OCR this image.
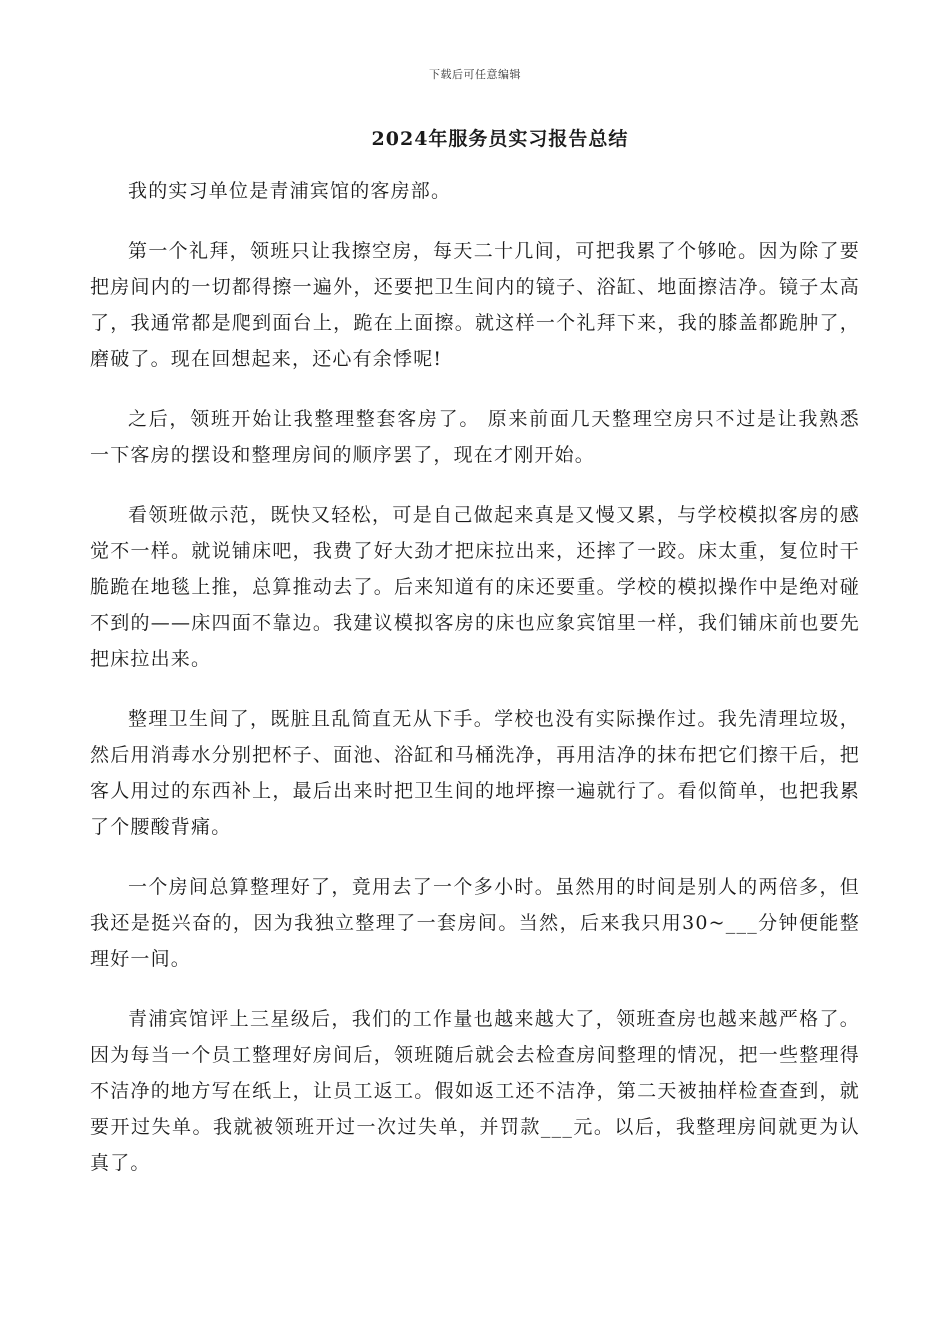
下载后可任意编辑
2024年服务员实习报告总结

我的实习单位是青浦宾馆的客房部。

第一个礼拜，领班只让我擦空房，每天二十几间，可把我累了个够呛。因为除了要把房间内的一切都得擦一遍外，还要把卫生间内的镜子、浴缸、地面擦洁净。镜子太高了，我通常都是爬到面台上，跪在上面擦。就这样一个礼拜下来，我的膝盖都跪肿了，磨破了。现在回想起来，还心有余悸呢!

之后，领班开始让我整理整套客房了。 原来前面几天整理空房只不过是让我熟悉一下客房的摆设和整理房间的顺序罢了，现在才刚开始。

看领班做示范，既快又轻松，可是自己做起来真是又慢又累，与学校模拟客房的感觉不一样。就说铺床吧，我费了好大劲才把床拉出来，还摔了一跤。床太重，复位时干脆跪在地毯上推，总算推动去了。后来知道有的床还要重。学校的模拟操作中是绝对碰不到的——床四面不靠边。我建议模拟客房的床也应象宾馆里一样，我们铺床前也要先把床拉出来。

整理卫生间了，既脏且乱简直无从下手。学校也没有实际操作过。我先清理垃圾，然后用消毒水分别把杯子、面池、浴缸和马桶洗净，再用洁净的抹布把它们擦干后，把客人用过的东西补上，最后出来时把卫生间的地坪擦一遍就行了。看似简单，也把我累了个腰酸背痛。

一个房间总算整理好了，竟用去了一个多小时。虽然用的时间是别人的两倍多，但我还是挺兴奋的，因为我独立整理了一套房间。当然，后来我只用30~___分钟便能整理好一间。

青浦宾馆评上三星级后，我们的工作量也越来越大了，领班查房也越来越严格了。因为每当一个员工整理好房间后，领班随后就会去检查房间整理的情况，把一些整理得不洁净的地方写在纸上，让员工返工。假如返工还不洁净，第二天被抽样检查查到，就要开过失单。我就被领班开过一次过失单，并罚款___元。以后，我整理房间就更为认真了。
